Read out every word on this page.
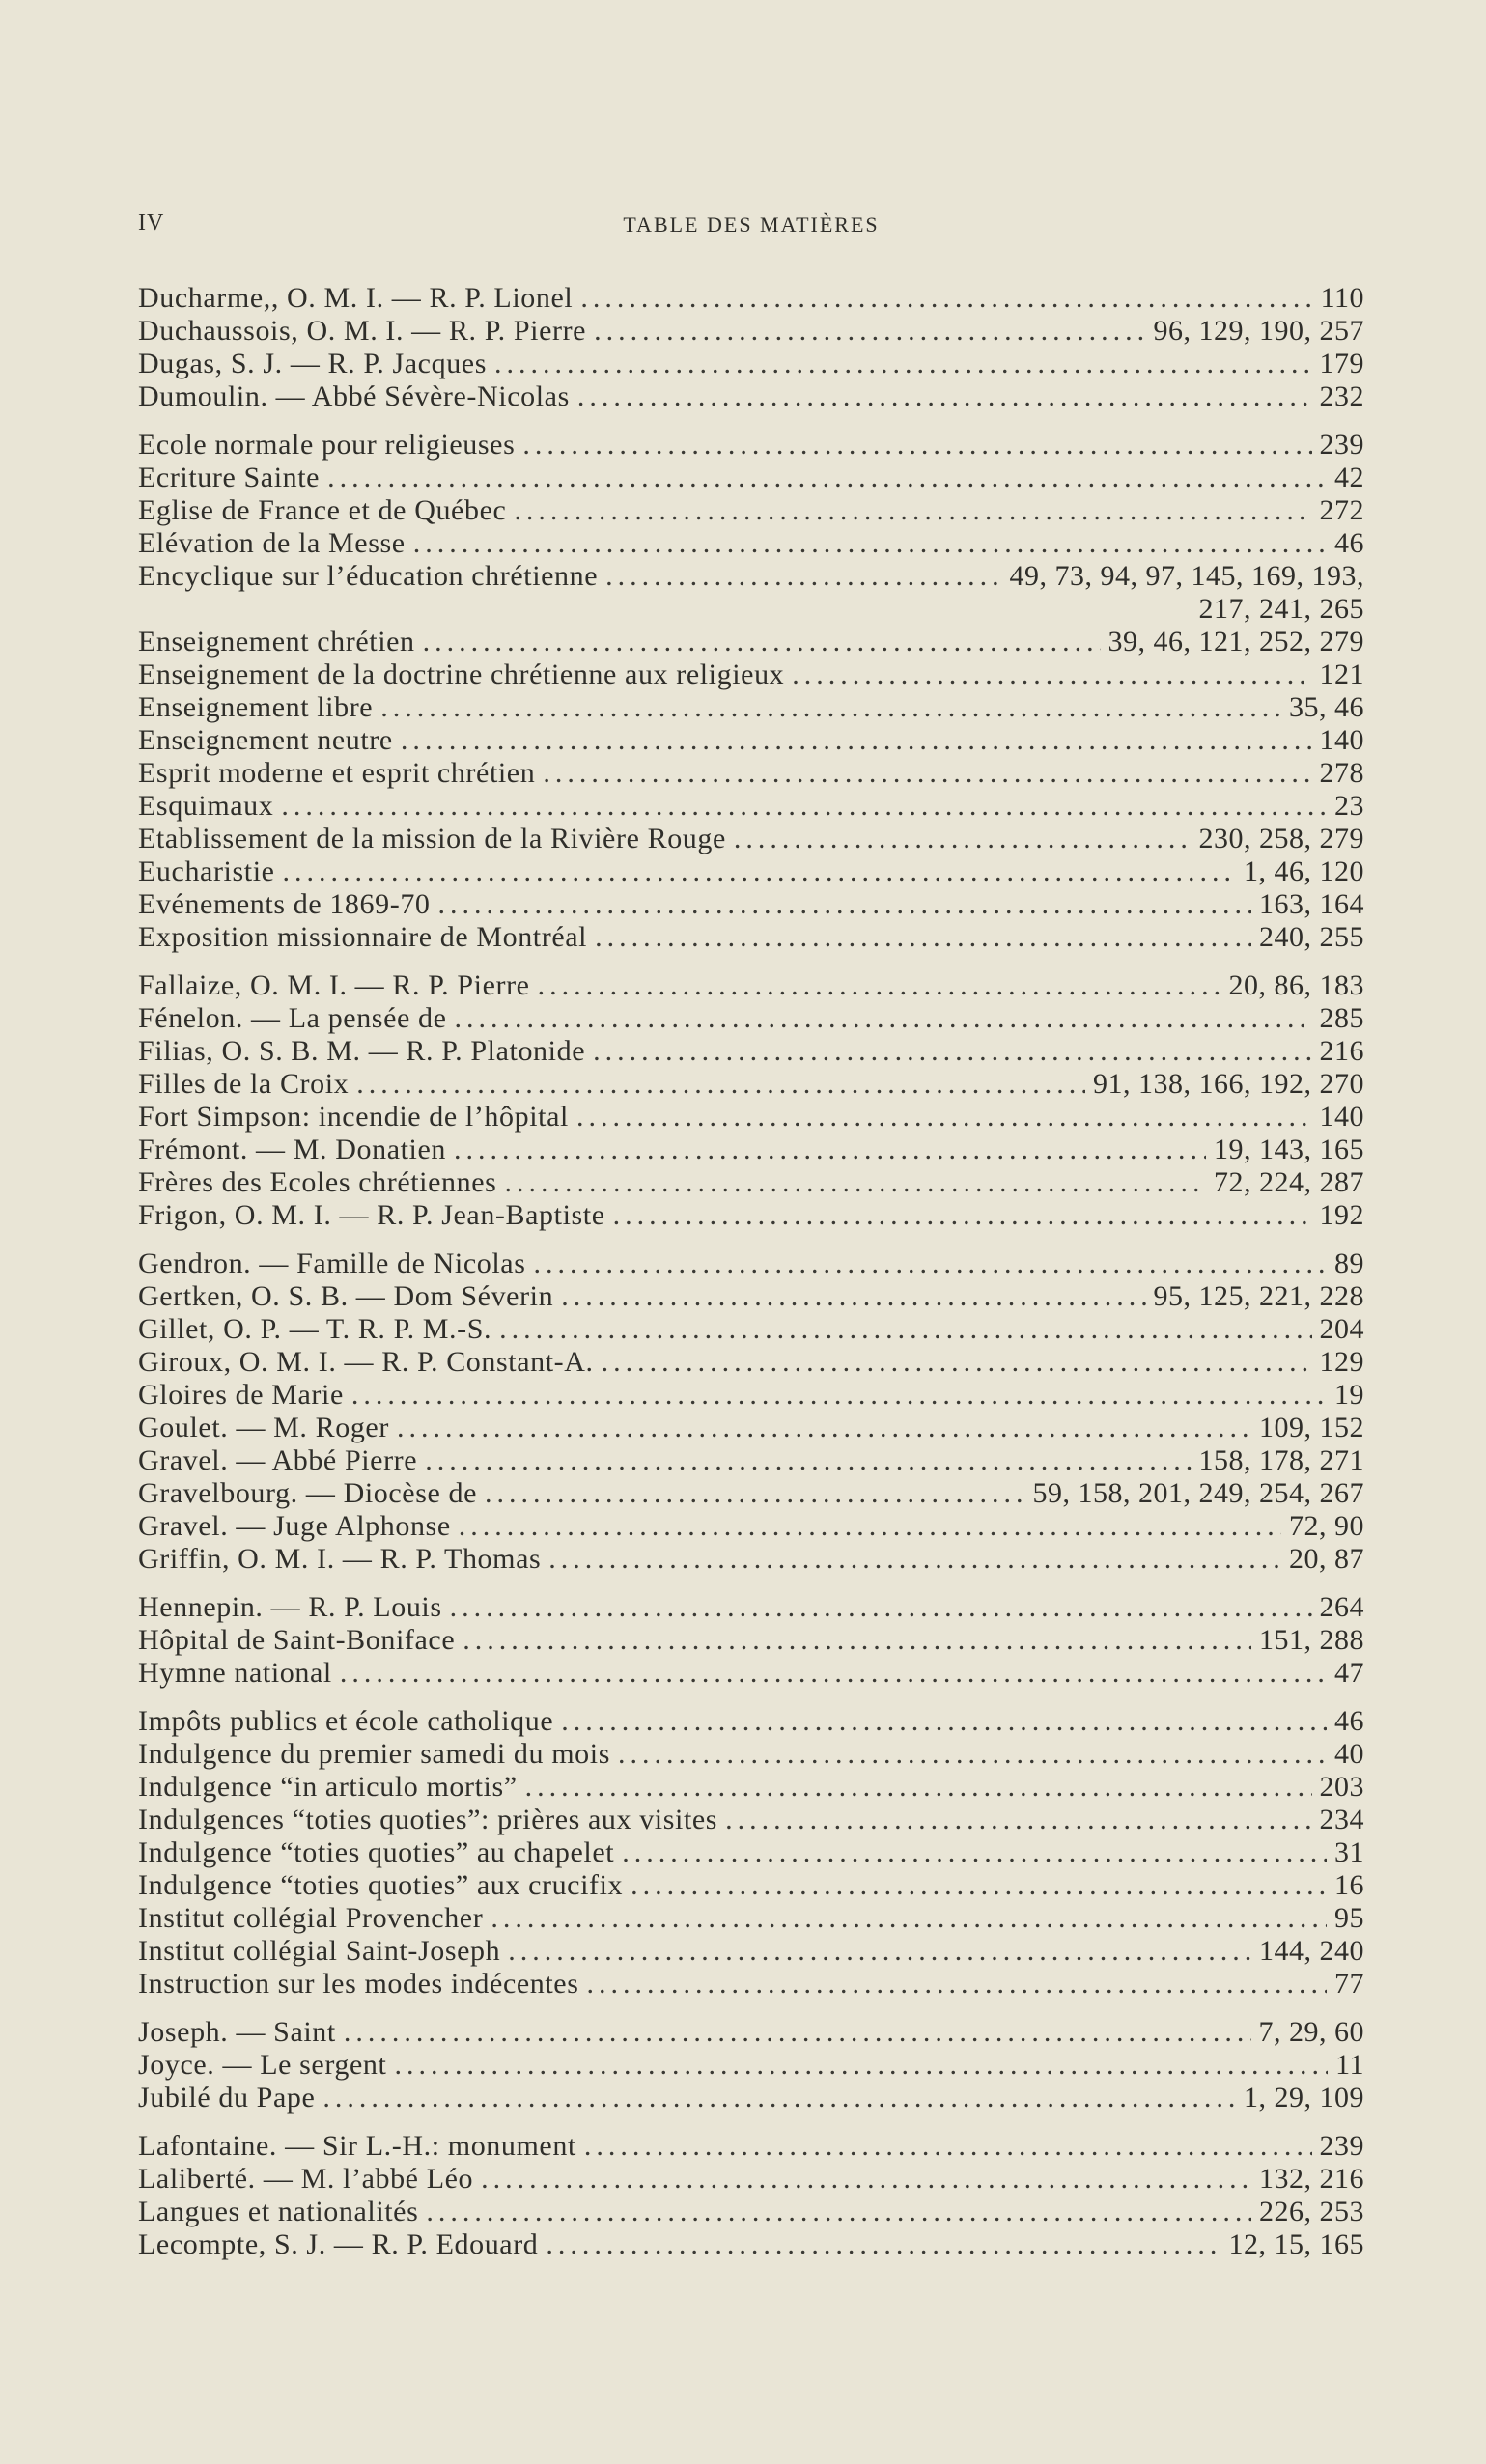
IV	TABLE DES MATIÈRES
Ducharme,, O. M. I. — R. P. Lionel .....	110
Duchaussois, O. M. I. — R. P. Pierre .....	96, 129, 190, 257
Dugas, S. J. — R. P. Jacques .....	179
Dumoulin. — Abbé Sévère-Nicolas .....	232
Ecole normale pour religieuses .....	239
Ecriture Sainte .....	42
Eglise de France et de Québec .....	272
Elévation de la Messe .....	46
Encyclique sur l’éducation chrétienne .....	49, 73, 94, 97, 145, 169, 193,
217, 241, 265
Enseignement chrétien .....	39, 46, 121, 252, 279
Enseignement de la doctrine chrétienne aux religieux .....	121
Enseignement libre .....	35, 46
Enseignement neutre .....	140
Esprit moderne et esprit chrétien .....	278
Esquimaux .....	23
Etablissement de la mission de la Rivière Rouge .....	230, 258, 279
Eucharistie .....	1, 46, 120
Evénements de 1869-70 .....	163, 164
Exposition missionnaire de Montréal .....	240, 255
Fallaize, O. M. I. — R. P. Pierre .....	20, 86, 183
Fénelon. — La pensée de .....	285
Filias, O. S. B. M. — R. P. Platonide .....	216
Filles de la Croix .....	91, 138, 166, 192, 270
Fort Simpson: incendie de l’hôpital .....	140
Frémont. — M. Donatien .....	19, 143, 165
Frères des Ecoles chrétiennes .....	72, 224, 287
Frigon, O. M. I. — R. P. Jean-Baptiste .....	192
Gendron. — Famille de Nicolas .....	89
Gertken, O. S. B. — Dom Séverin .....	95, 125, 221, 228
Gillet, O. P. — T. R. P. M.-S. .....	204
Giroux, O. M. I. — R. P. Constant-A. .....	129
Gloires de Marie .....	19
Goulet. — M. Roger .....	109, 152
Gravel. — Abbé Pierre .....	158, 178, 271
Gravelbourg. — Diocèse de .....	59, 158, 201, 249, 254, 267
Gravel. — Juge Alphonse .....	72, 90
Griffin, O. M. I. — R. P. Thomas .....	20, 87
Hennepin. — R. P. Louis .....	264
Hôpital de Saint-Boniface .....	151, 288
Hymne national .....	47
Impôts publics et école catholique .....	46
Indulgence du premier samedi du mois .....	40
Indulgence “in articulo mortis” .....	203
Indulgences “toties quoties”: prières aux visites .....	234
Indulgence “toties quoties” au chapelet .....	31
Indulgence “toties quoties” aux crucifix .....	16
Institut collégial Provencher .....	95
Institut collégial Saint-Joseph .....	144, 240
Instruction sur les modes indécentes .....	77
Joseph. — Saint .....	7, 29, 60
Joyce. — Le sergent .....	11
Jubilé du Pape .....	1, 29, 109
Lafontaine. — Sir L.-H.: monument .....	239
Laliberté. — M. l’abbé Léo .....	132, 216
Langues et nationalités .....	226, 253
Lecompte, S. J. — R. P. Edouard .....	12, 15, 165
